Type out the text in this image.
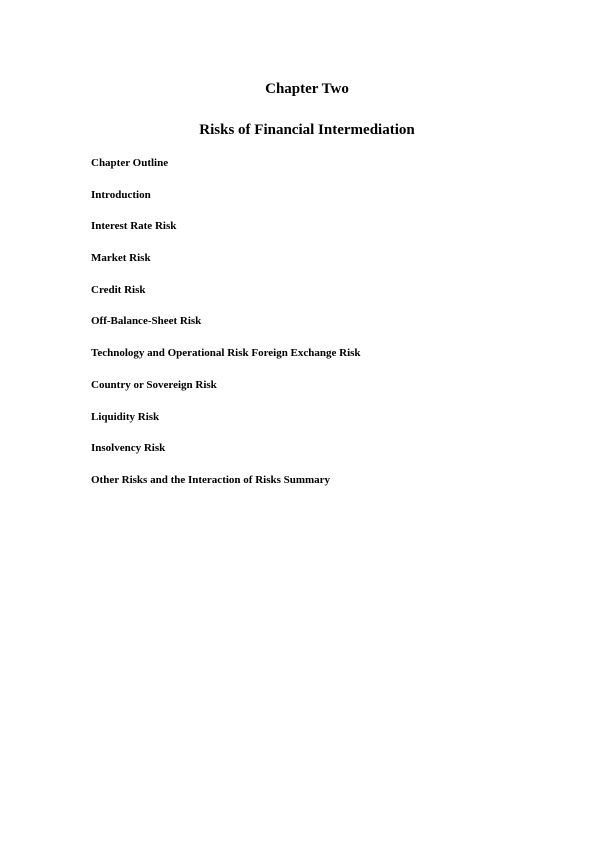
Chapter Two
Risks of Financial Intermediation
Chapter Outline
Introduction
Interest Rate Risk
Market Risk
Credit Risk
Off-Balance-Sheet Risk
Technology and Operational Risk Foreign Exchange Risk
Country or Sovereign Risk
Liquidity Risk
Insolvency Risk
Other Risks and the Interaction of Risks Summary
